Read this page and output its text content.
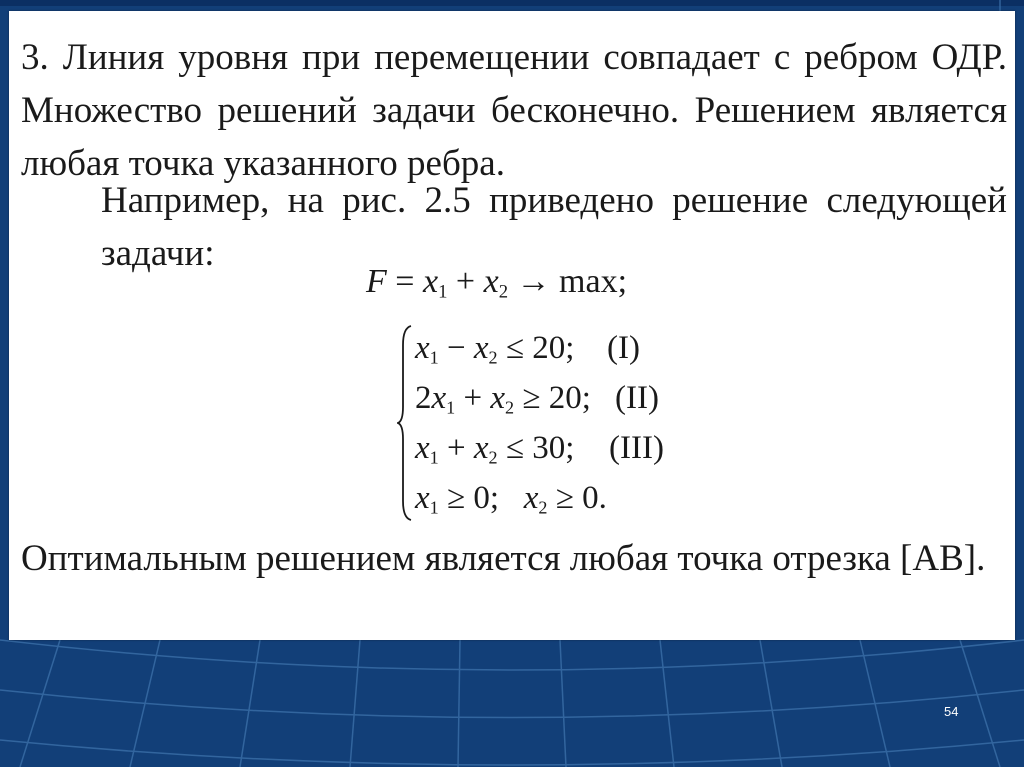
3. Линия уровня при перемещении совпадает с ребром ОДР. Множество решений задачи бесконечно. Решением является любая точка указанного ребра.

Например, на рис. 2.5 приведено решение следующей задачи:

$F = x_1 + x_2 \to \max$;
$x_1 - x_2 \le 20$; (I)
$2x_1 + x_2 \ge 20$; (II)
$x_1 + x_2 \le 30$; (III)
$x_1 \ge 0$; $x_2 \ge 0$.

Оптимальным решением является любая точка отрезка [AB].

54
